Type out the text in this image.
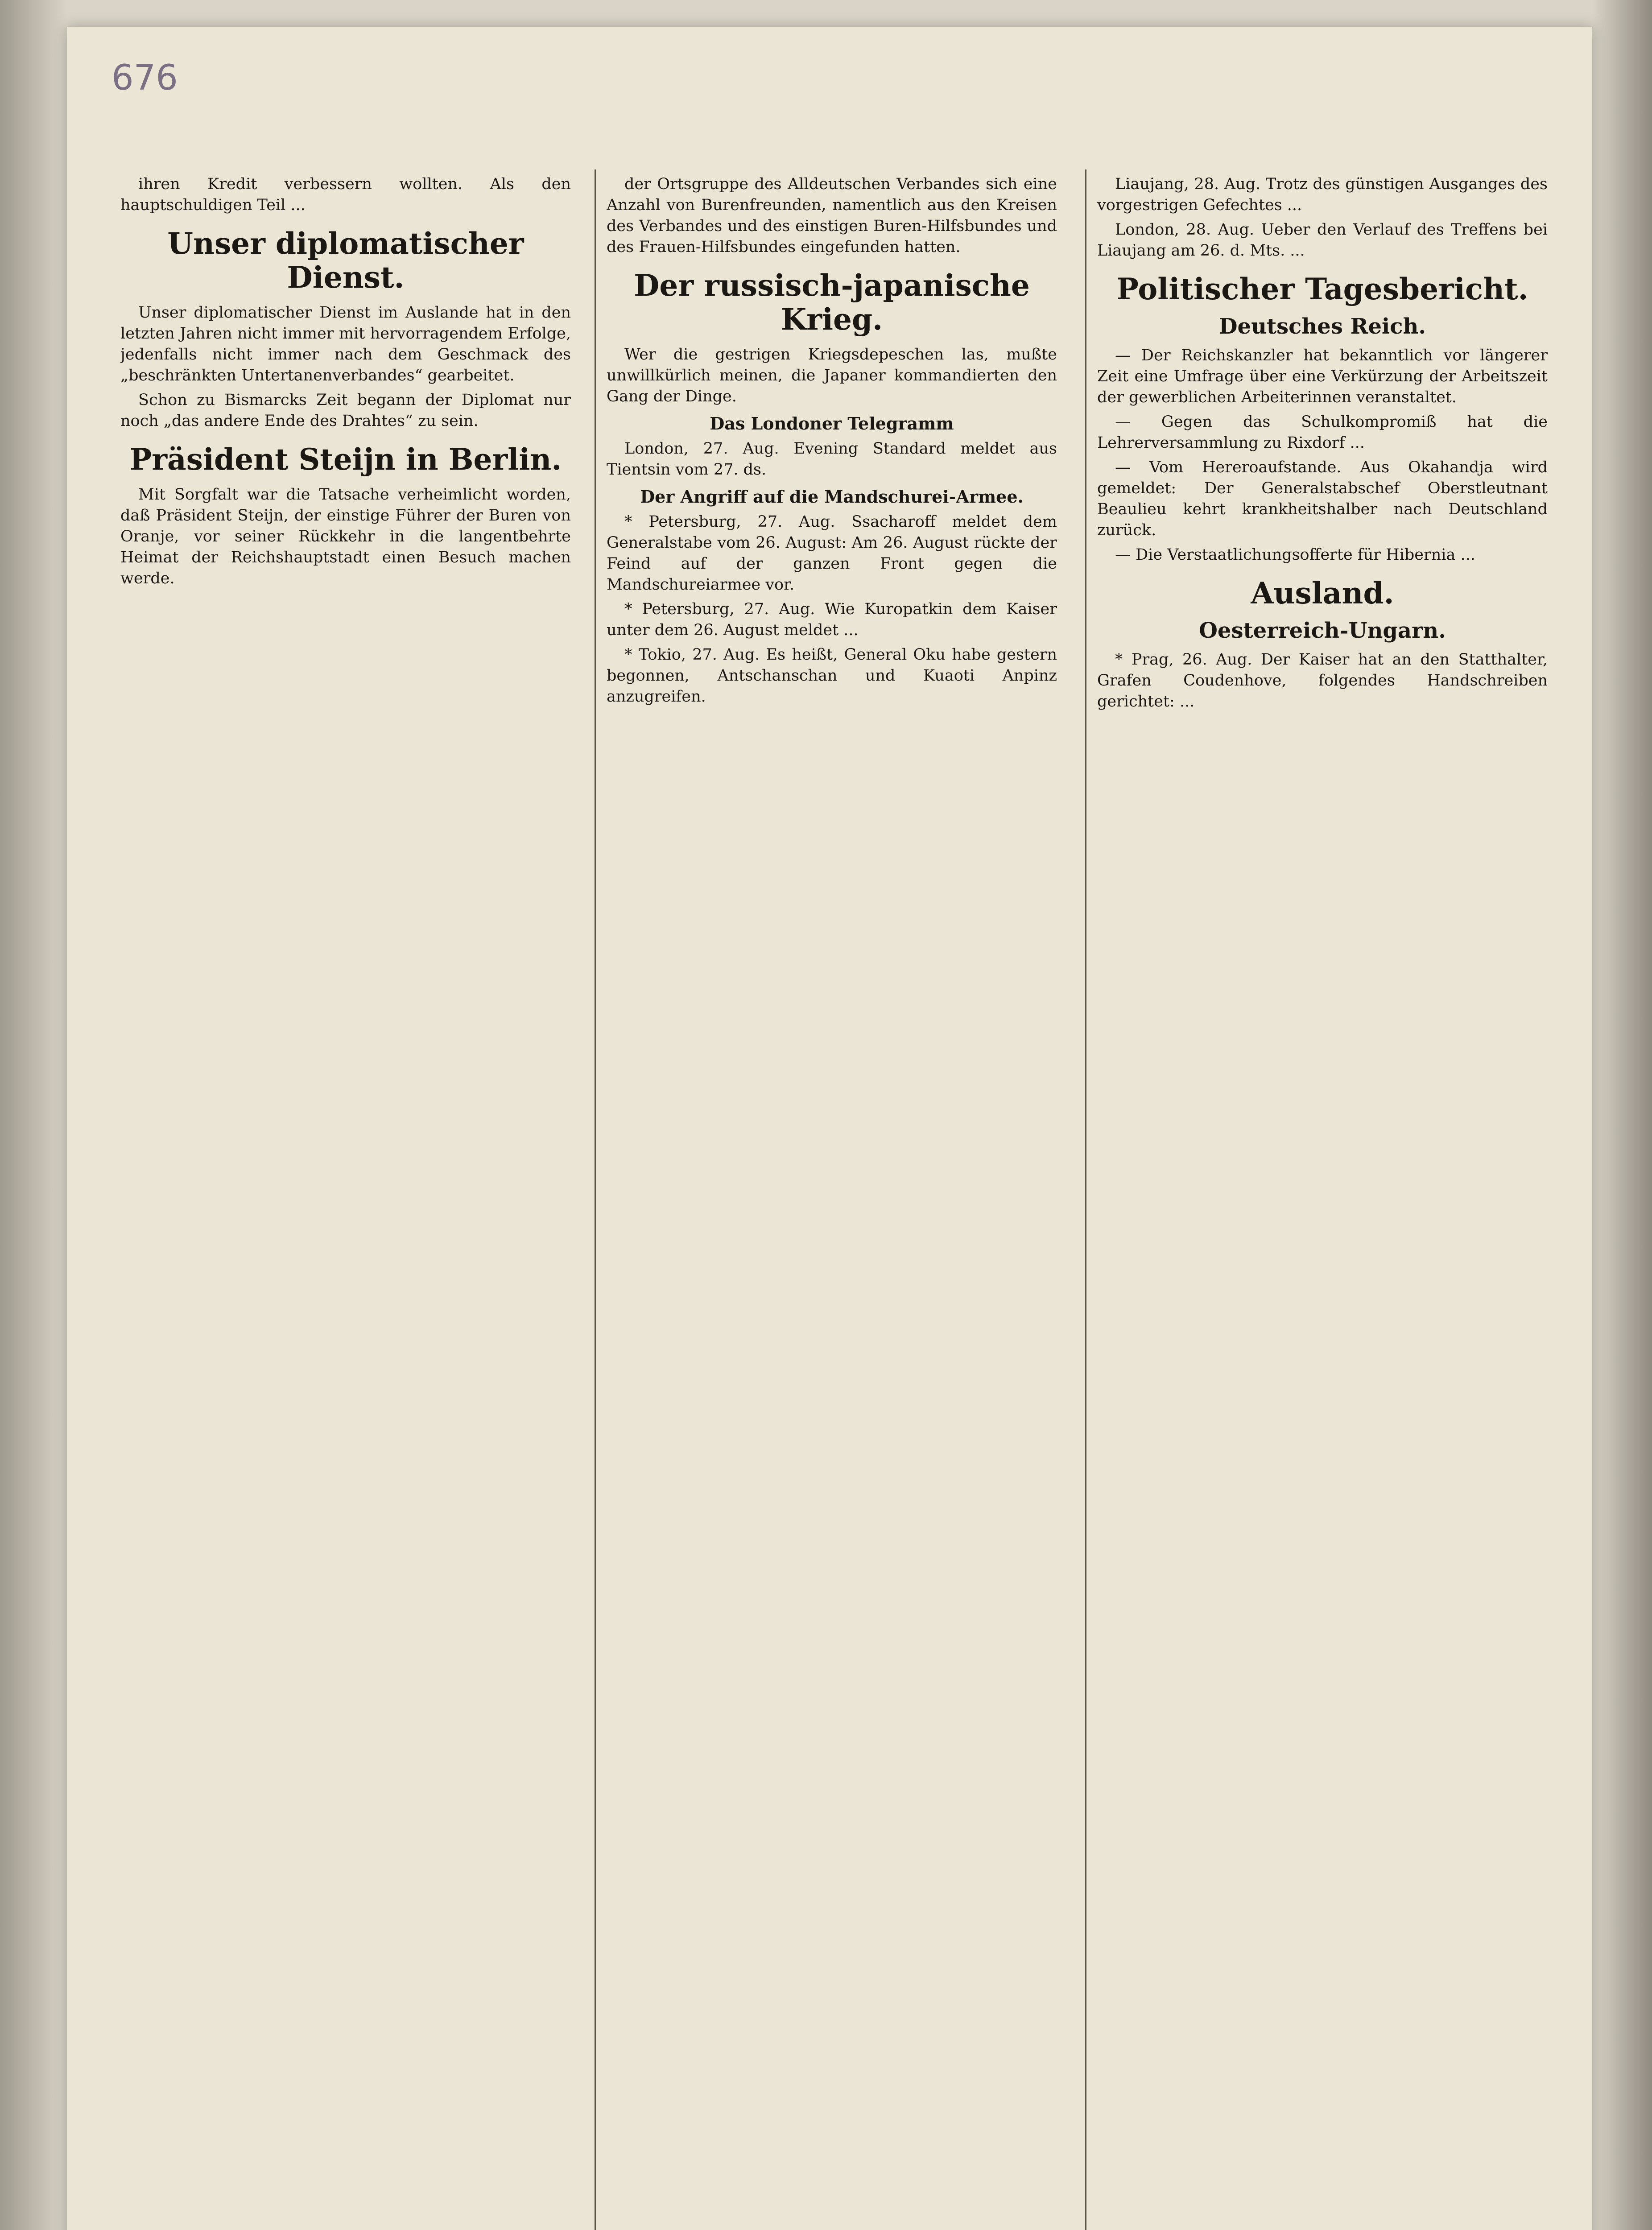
676

ihren Kredit verbessern wollten. Als den hauptschuldigen Teil ...

Unser diplomatischer Dienst.

Unser diplomatischer Dienst im Auslande hat in den letzten Jahren nicht immer mit hervorragendem Erfolge, jedenfalls nicht immer nach dem Geschmack des „beschränkten Untertanenverbandes“ gearbeitet.

Schon zu Bismarcks Zeit begann der Diplomat nur noch „das andere Ende des Drahtes“ zu sein.

Präsident Steijn in Berlin.

Mit Sorgfalt war die Tatsache verheimlicht worden, daß Präsident Steijn, der einstige Führer der Buren von Oranje, vor seiner Rückkehr in die langentbehrte Heimat der Reichshauptstadt einen Besuch machen werde.

der Ortsgruppe des Alldeutschen Verbandes sich eine Anzahl von Burenfreunden, namentlich aus den Kreisen des Verbandes und des einstigen Buren-Hilfsbundes und des Frauen-Hilfsbundes eingefunden hatten.

Der russisch-japanische Krieg.

Wer die gestrigen Kriegsdepeschen las, mußte unwillkürlich meinen, die Japaner kommandierten den Gang der Dinge.

Das Londoner Telegramm

London, 27. Aug. Evening Standard meldet aus Tientsin vom 27. ds.

Der Angriff auf die Mandschurei-Armee.

* Petersburg, 27. Aug. Ssacharoff meldet dem Generalstabe vom 26. August: Am 26. August rückte der Feind auf der ganzen Front gegen die Mandschureiarmee vor.

* Petersburg, 27. Aug. Wie Kuropatkin dem Kaiser unter dem 26. August meldet ...

* Tokio, 27. Aug. Es heißt, General Oku habe gestern begonnen, Antschanschan und Kuaoti Anpinz anzugreifen.

Liaujang, 28. Aug. Trotz des günstigen Ausganges des vorgestrigen Gefechtes ...

London, 28. Aug. Ueber den Verlauf des Treffens bei Liaujang am 26. d. Mts. ...

Politischer Tagesbericht.
Deutsches Reich.

— Der Reichskanzler hat bekanntlich vor längerer Zeit eine Umfrage über eine Verkürzung der Arbeitszeit der gewerblichen Arbeiterinnen veranstaltet.

— Gegen das Schulkompromiß hat die Lehrerversammlung zu Rixdorf ...

— Vom Hereroaufstande. Aus Okahandja wird gemeldet: Der Generalstabschef Oberstleutnant Beaulieu kehrt krankheitshalber nach Deutschland zurück.

— Die Verstaatlichungsofferte für Hibernia ...

Ausland.
Oesterreich-Ungarn.

* Prag, 26. Aug. Der Kaiser hat an den Statthalter, Grafen Coudenhove, folgendes Handschreiben gerichtet: ...
